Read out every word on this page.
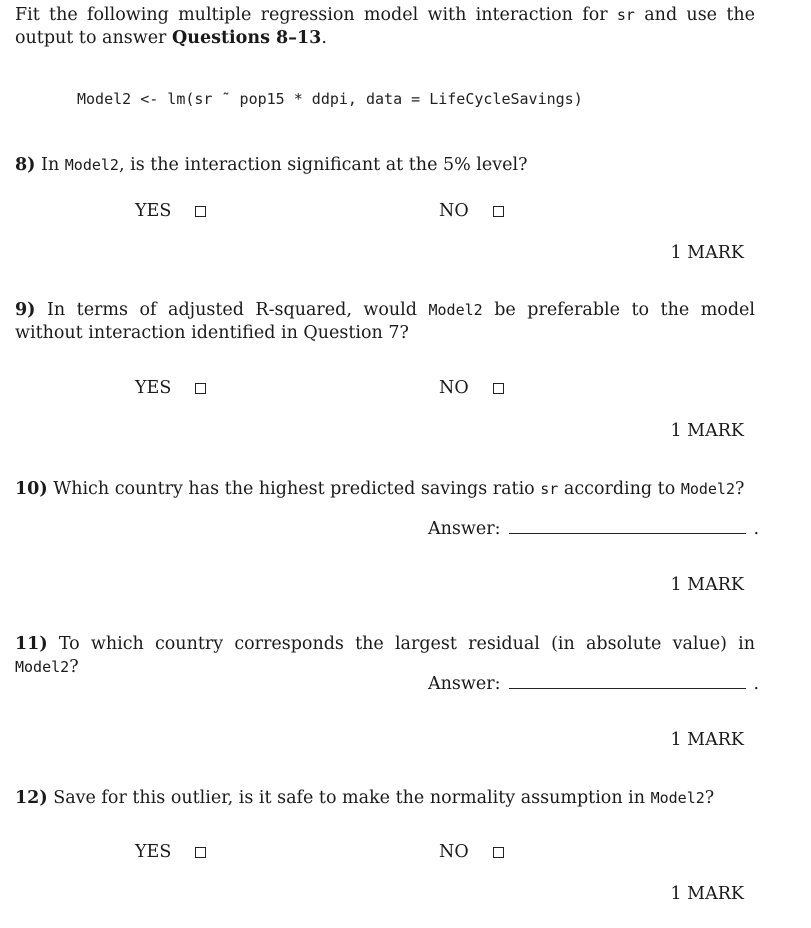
Fit the following multiple regression model with interaction for sr and use the output to answer Questions 8–13.
Model2 <- lm(sr ˜ pop15 * ddpi, data = LifeCycleSavings)
8) In Model2, is the interaction significant at the 5% level?
YES	NO
1 MARK
9) In terms of adjusted R-squared, would Model2 be preferable to the model without interaction identified in Question 7?
YES	NO
1 MARK
10) Which country has the highest predicted savings ratio sr according to Model2?
Answer:	.
1 MARK
11) To which country corresponds the largest residual (in absolute value) in Model2?
Answer:	.
1 MARK
12) Save for this outlier, is it safe to make the normality assumption in Model2?
YES	NO
1 MARK
